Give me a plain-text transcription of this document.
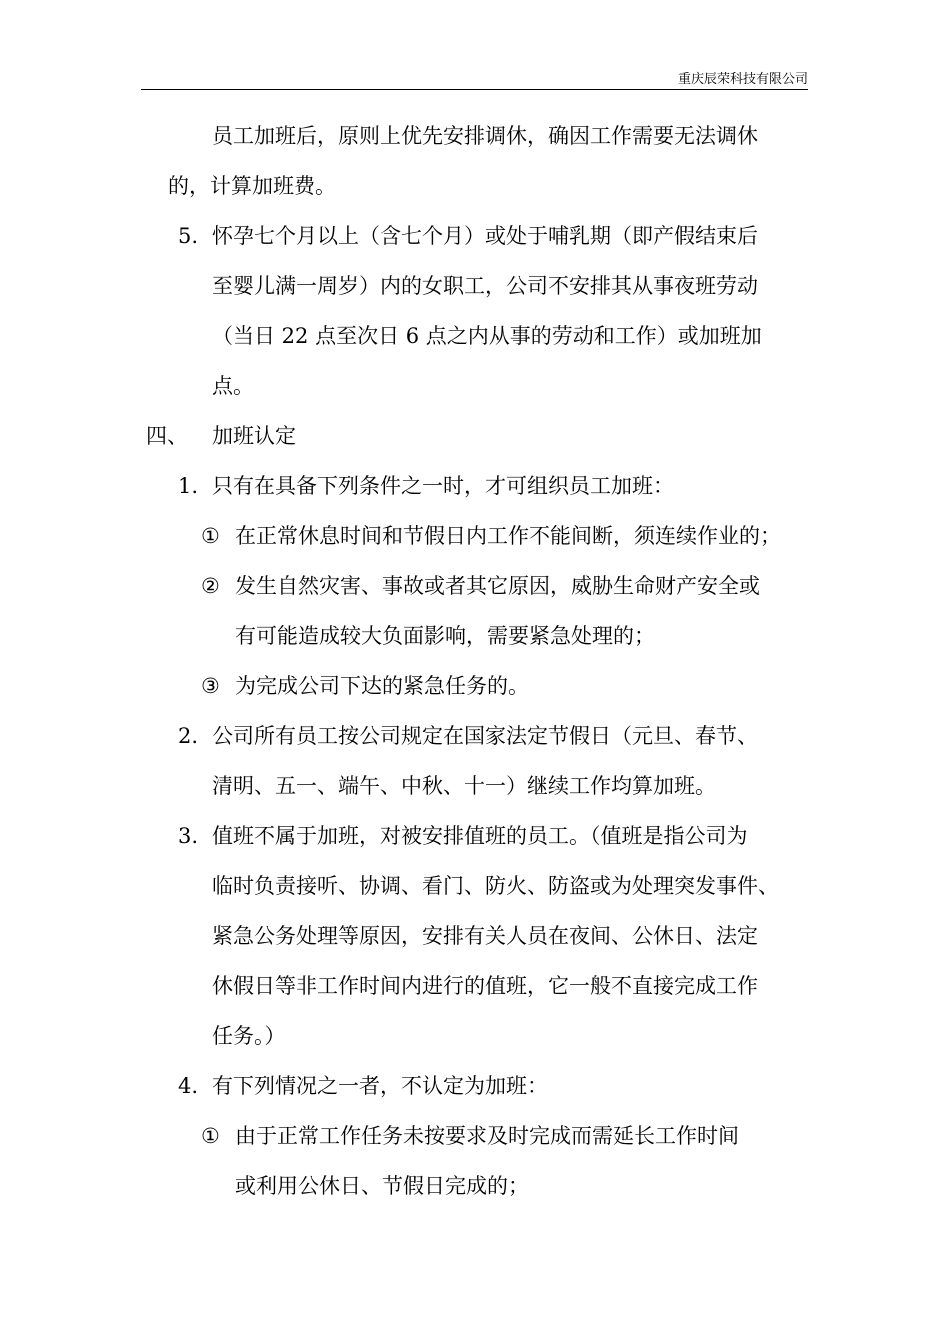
重庆辰荣科技有限公司
员工加班后，原则上优先安排调休，确因工作需要无法调休
的，计算加班费。
5. 怀孕七个月以上（含七个月）或处于哺乳期（即产假结束后
至婴儿满一周岁）内的女职工，公司不安排其从事夜班劳动
（当日 22 点至次日 6 点之内从事的劳动和工作）或加班加
点。
四、 加班认定
1. 只有在具备下列条件之一时，才可组织员工加班：
① 在正常休息时间和节假日内工作不能间断，须连续作业的；
② 发生自然灾害、事故或者其它原因，威胁生命财产安全或
有可能造成较大负面影响，需要紧急处理的；
③ 为完成公司下达的紧急任务的。
2. 公司所有员工按公司规定在国家法定节假日（元旦、春节、
清明、五一、端午、中秋、十一）继续工作均算加班。
3. 值班不属于加班，对被安排值班的员工。（值班是指公司为
临时负责接听、协调、看门、防火、防盗或为处理突发事件、
紧急公务处理等原因，安排有关人员在夜间、公休日、法定
休假日等非工作时间内进行的值班，它一般不直接完成工作
任务。）
4. 有下列情况之一者，不认定为加班：
① 由于正常工作任务未按要求及时完成而需延长工作时间
或利用公休日、节假日完成的；
